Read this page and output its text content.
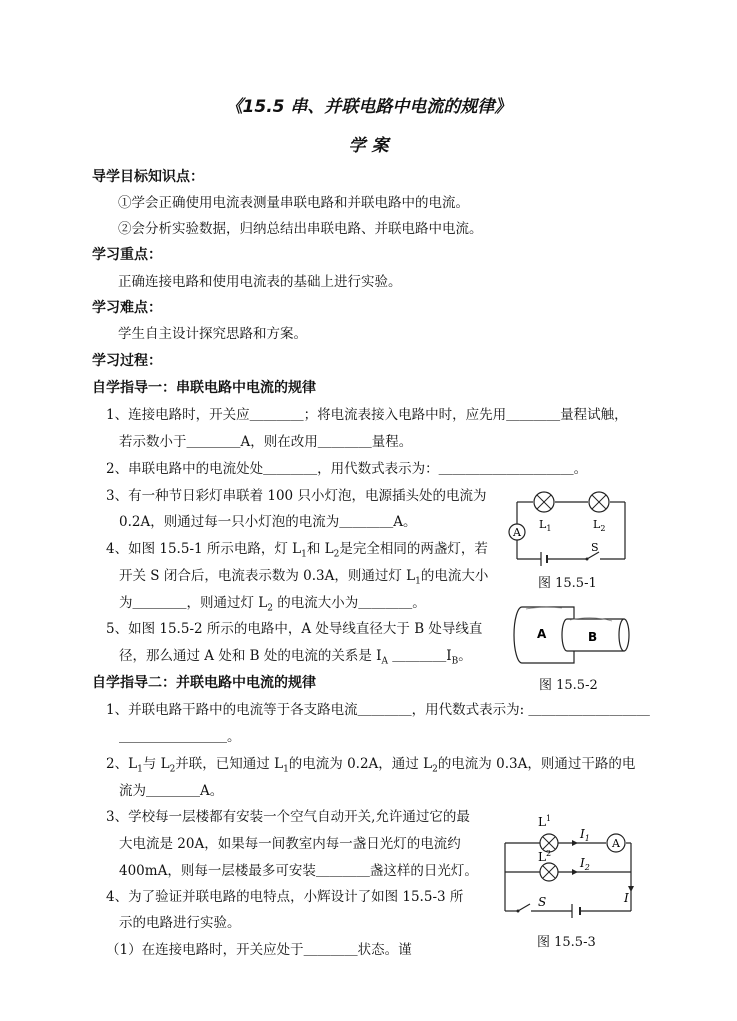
《15.5 串、并联电路中电流的规律》
学 案
导学目标知识点：
①学会正确使用电流表测量串联电路和并联电路中的电流。
②会分析实验数据，归纳总结出串联电路、并联电路中电流。
学习重点：
正确连接电路和使用电流表的基础上进行实验。
学习难点：
学生自主设计探究思路和方案。
学习过程：
自学指导一：串联电路中电流的规律
1、连接电路时，开关应＿＿＿＿；将电流表接入电路中时，应先用＿＿＿＿量程试触，
若示数小于＿＿＿＿A，则在改用＿＿＿＿量程。
2、串联电路中的电流处处＿＿＿＿，用代数式表示为：＿＿＿＿＿＿＿＿＿＿。
3、有一种节日彩灯串联着 100 只小灯泡，电源插头处的电流为
0.2A，则通过每一只小灯泡的电流为＿＿＿＿A。
4、如图 15.5-1 所示电路，灯 $L_1$和 $L_2$是完全相同的两盏灯，若
开关 S 闭合后，电流表示数为 0.3A，则通过灯 $L_1$的电流大小
为＿＿＿＿，则通过灯 $L_2$ 的电流大小为＿＿＿＿。
5、如图 15.5-2 所示的电路中，A 处导线直径大于 B 处导线直
径，那么通过 A 处和 B 处的电流的关系是 $I_A$ $\_\_\_\_I_B$。
自学指导二：并联电路中电流的规律
1、并联电路干路中的电流等于各支路电流＿＿＿＿，用代数式表示为: ＿＿＿＿＿＿＿＿＿
＿＿＿＿＿＿＿＿。
2、$L_1$与 $L_2$并联，已知通过 $L_1$的电流为 0.2A，通过 $L_2$的电流为 0.3A，则通过干路的电
流为＿＿＿＿A。
3、学校每一层楼都有安装一个空气自动开关,允许通过它的最
大电流是 20A，如果每一间教室内每一盏日光灯的电流约
400mA，则每一层楼最多可安装＿＿＿＿盏这样的日光灯。
4、为了验证并联电路的电特点，小辉设计了如图 15.5-3 所
示的电路进行实验。
（1）在连接电路时，开关应处于＿＿＿＿状态。谨
A
S
$L_1$	$L_2$
图 15.5-1
A	B
图 15.5-2
A
$L^1$
$L^2$
$I_1$
$I_2$
I
S
图 15.5-3
